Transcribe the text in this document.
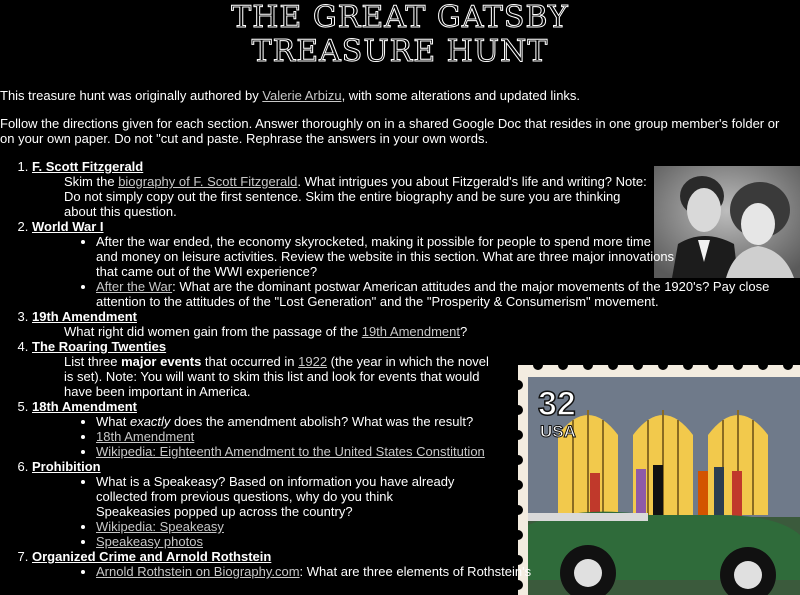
THE GREAT GATSBY
TREASURE HUNT

This treasure hunt was originally authored by Valerie Arbizu, with some alterations and updated links.

Follow the directions given for each section. Answer thoroughly on in a shared Google Doc that resides in one group member's folder or on your own paper. Do not "cut and paste. Rephrase the answers in your own words.

32
USA
1. F. Scott Fitzgerald
Skim the biography of F. Scott Fitzgerald. What intrigues you about Fitzgerald's life and writing? Note: Do not simply copy out the first sentence. Skim the entire biography and be sure you are thinking about this question.
2. World War I
• After the war ended, the economy skyrocketed, making it possible for people to spend more time and money on leisure activities. Review the website in this section. What are three major innovations that came out of the WWI experience?
• After the War: What are the dominant postwar American attitudes and the major movements of the 1920's? Pay close attention to the attitudes of the "Lost Generation" and the "Prosperity & Consumerism" movement.
3. 19th Amendment
What right did women gain from the passage of the 19th Amendment?
4. The Roaring Twenties
List three major events that occurred in 1922 (the year in which the novel is set). Note: You will want to skim this list and look for events that would have been important in America.
5. 18th Amendment
• What exactly does the amendment abolish? What was the result?
• 18th Amendment
• Wikipedia: Eighteenth Amendment to the United States Constitution
6. Prohibition
• What is a Speakeasy? Based on information you have already collected from previous questions, why do you think Speakeasies popped up across the country?
• Wikipedia: Speakeasy
• Speakeasy photos
7. Organized Crime and Arnold Rothstein
• Arnold Rothstein on Biography.com: What are three elements of Rothstein's
